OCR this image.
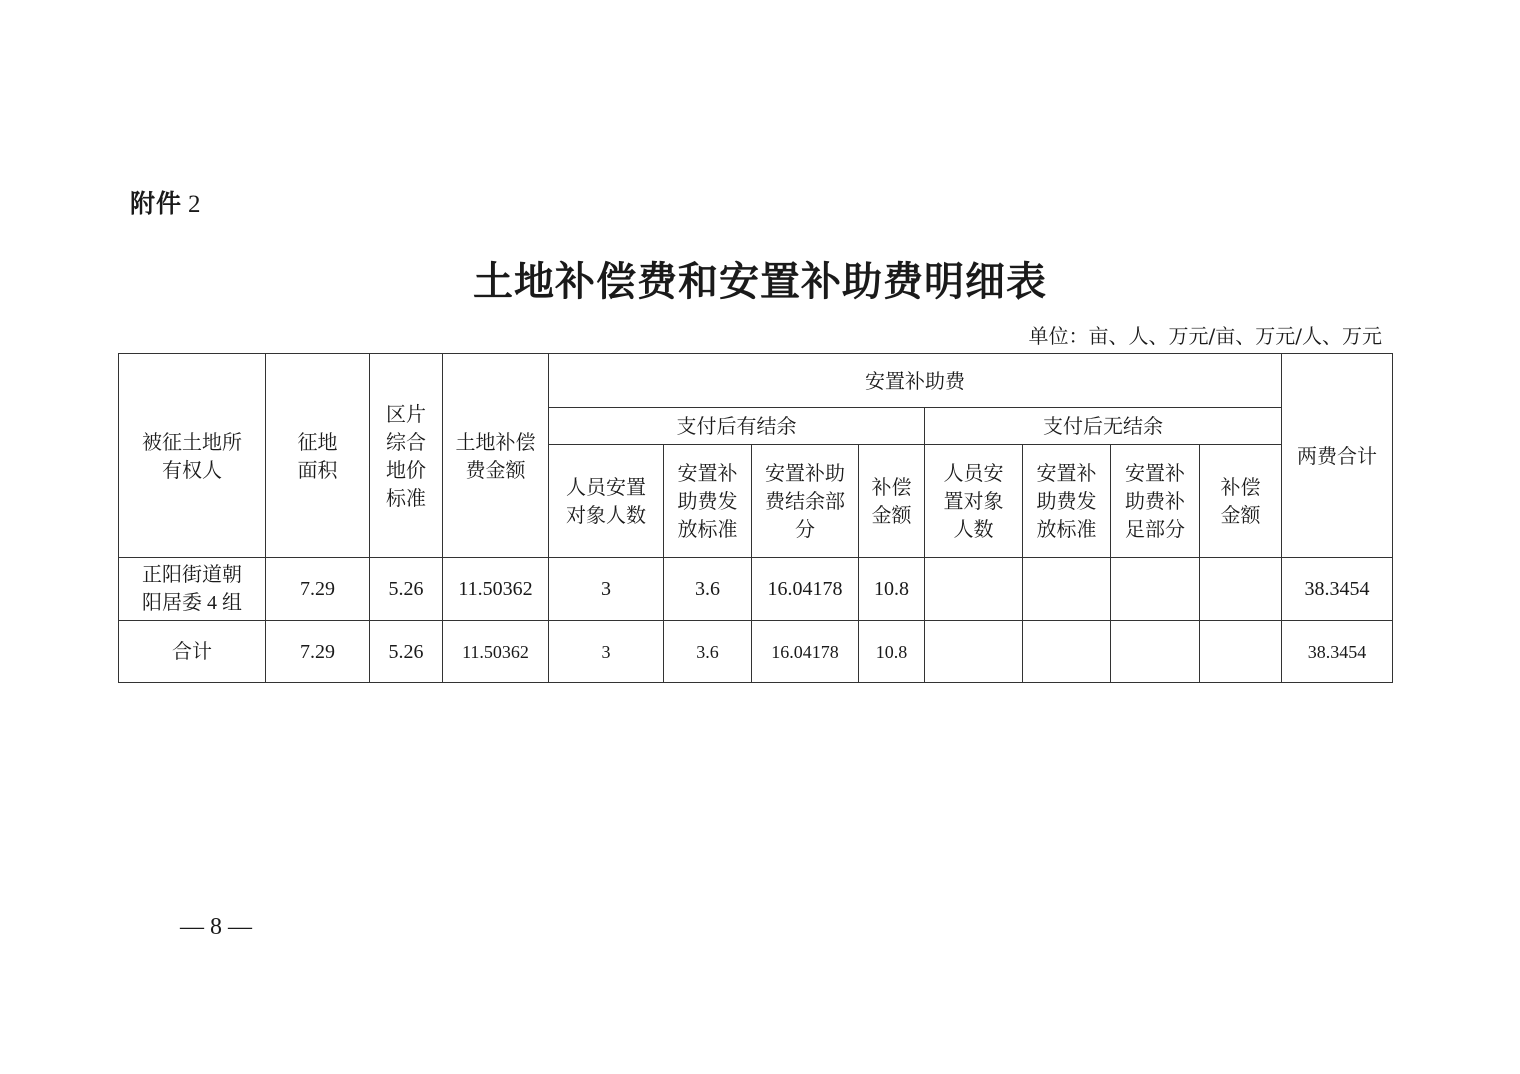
附件 2
土地补偿费和安置补助费明细表
单位：亩、人、万元/亩、万元/人、万元
被征土地所有权人	征地面积	区片综合地价标准	土地补偿费金额	安置补助费								两费合计
				支付后有结余				支付后无结余				
				人员安置对象人数	安置补助费发放标准	安置补助费结余部分	补偿金额	人员安置对象人数	安置补助费发放标准	安置补助费补足部分	补偿金额	
正阳街道朝阳居委 4 组	7.29	5.26	11.50362	3	3.6	16.04178	10.8					38.3454
合计	7.29	5.26	11.50362	3	3.6	16.04178	10.8					38.3454
— 8 —
